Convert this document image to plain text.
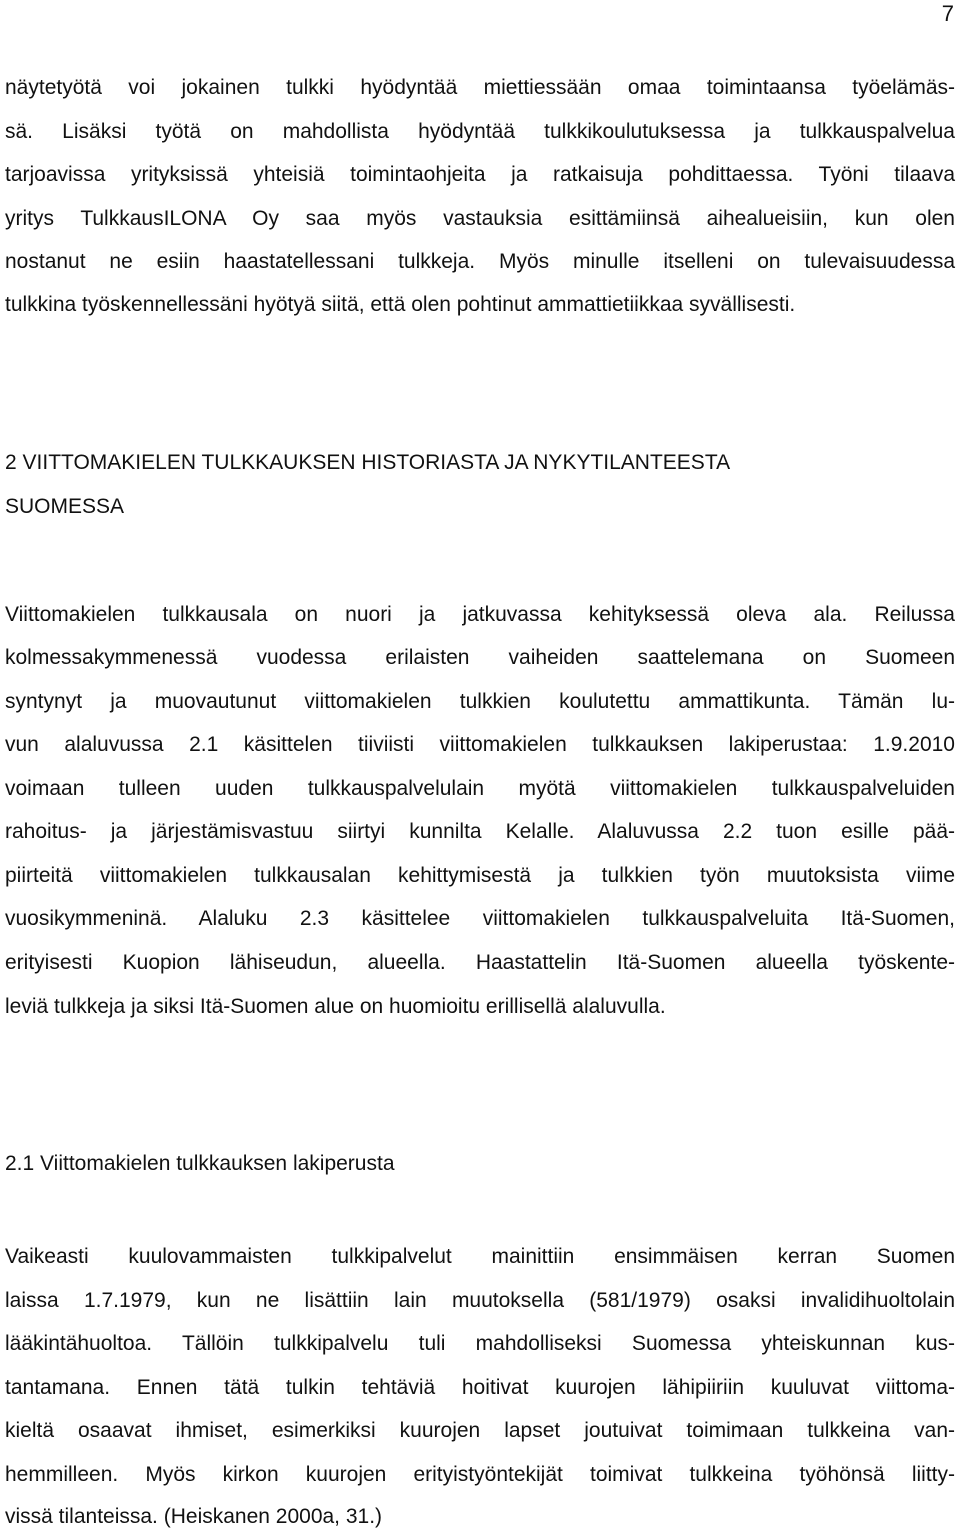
7
näytetyötä voi jokainen tulkki hyödyntää miettiessään omaa toimintaansa työelämäs-
sä. Lisäksi työtä on mahdollista hyödyntää tulkkikoulutuksessa ja tulkkauspalvelua
tarjoavissa yrityksissä yhteisiä toimintaohjeita ja ratkaisuja pohdittaessa. Työni tilaava
yritys TulkkausILONA Oy saa myös vastauksia esittämiinsä aihealueisiin, kun olen
nostanut ne esiin haastatellessani tulkkeja. Myös minulle itselleni on tulevaisuudessa
tulkkina työskennellessäni hyötyä siitä, että olen pohtinut ammattietiikkaa syvällisesti.
2 VIITTOMAKIELEN TULKKAUKSEN HISTORIASTA JA NYKYTILANTEESTA
SUOMESSA
Viittomakielen tulkkausala on nuori ja jatkuvassa kehityksessä oleva ala. Reilussa
kolmessakymmenessä vuodessa erilaisten vaiheiden saattelemana on Suomeen
syntynyt ja muovautunut viittomakielen tulkkien koulutettu ammattikunta. Tämän lu-
vun alaluvussa 2.1 käsittelen tiiviisti viittomakielen tulkkauksen lakiperustaa: 1.9.2010
voimaan tulleen uuden tulkkauspalvelulain myötä viittomakielen tulkkauspalveluiden
rahoitus- ja järjestämisvastuu siirtyi kunnilta Kelalle. Alaluvussa 2.2 tuon esille pää-
piirteitä viittomakielen tulkkausalan kehittymisestä ja tulkkien työn muutoksista viime
vuosikymmeninä. Alaluku 2.3 käsittelee viittomakielen tulkkauspalveluita Itä-Suomen,
erityisesti Kuopion lähiseudun, alueella. Haastattelin Itä-Suomen alueella työskente-
leviä tulkkeja ja siksi Itä-Suomen alue on huomioitu erillisellä alaluvulla.
2.1 Viittomakielen tulkkauksen lakiperusta
Vaikeasti kuulovammaisten tulkkipalvelut mainittiin ensimmäisen kerran Suomen
laissa 1.7.1979, kun ne lisättiin lain muutoksella (581/1979) osaksi invalidihuoltolain
lääkintähuoltoa. Tällöin tulkkipalvelu tuli mahdolliseksi Suomessa yhteiskunnan kus-
tantamana. Ennen tätä tulkin tehtäviä hoitivat kuurojen lähipiiriin kuuluvat viittoma-
kieltä osaavat ihmiset, esimerkiksi kuurojen lapset joutuivat toimimaan tulkkeina van-
hemmilleen. Myös kirkon kuurojen erityistyöntekijät toimivat tulkkeina työhönsä liitty-
vissä tilanteissa. (Heiskanen 2000a, 31.)
